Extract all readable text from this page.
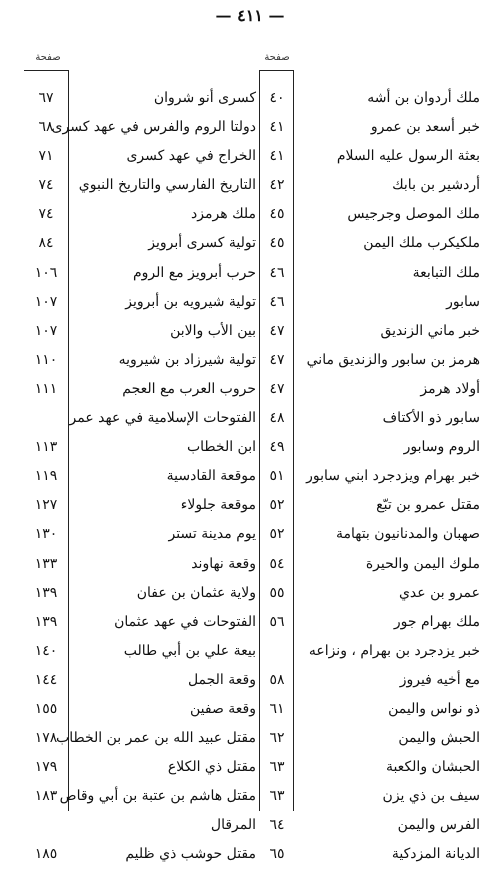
— ٤١١ —
صفحة	صفحة
ملك أردوان بن أشه
٤٠
كسرى أنو شروان
٦٧
خبر أسعد بن عمرو
٤١
دولتا الروم والفرس في عهد كسرى
٦٨
بعثة الرسول عليه السلام
٤١
الخراج في عهد كسرى
٧١
أردشير بن بابك
٤٢
التاريخ الفارسي والتاريخ النبوي
٧٤
ملك الموصل وجرجيس
٤٥
ملك هرمزد
٧٤
ملكيكرب ملك اليمن
٤٥
تولية كسرى أبرويز
٨٤
ملك التبابعة
٤٦
حرب أبرويز مع الروم
١٠٦
سابور
٤٦
تولية شيرويه بن أبرويز
١٠٧
خبر ماني الزنديق
٤٧
بين الأب والابن
١٠٧
هرمز بن سابور والزنديق ماني
٤٧
تولية شيرزاد بن شيرويه
١١٠
أولاد هرمز
٤٧
حروب العرب مع العجم
١١١
سابور ذو الأكتاف
٤٨
الفتوحات الإسلامية في عهد عمر
الروم وسابور
٤٩
ابن الخطاب
١١٣
خبر بهرام ويزدجرد ابني سابور
٥١
موقعة القادسية
١١٩
مقتل عمرو بن تبّع
٥٢
موقعة جلولاء
١٢٧
صهبان والمدنانيون بتهامة
٥٢
يوم مدينة تستر
١٣٠
ملوك اليمن والحيرة
٥٤
وقعة نهاوند
١٣٣
عمرو بن عدي
٥٥
ولاية عثمان بن عفان
١٣٩
ملك بهرام جور
٥٦
الفتوحات في عهد عثمان
١٣٩
خبر يزدجرد بن بهرام ، ونزاعه
بيعة علي بن أبي طالب
١٤٠
مع أخيه فيروز
٥٨
وقعة الجمل
١٤٤
ذو نواس واليمن
٦١
وقعة صفين
١٥٥
الحبش واليمن
٦٢
مقتل عبيد الله بن عمر بن الخطاب
١٧٨
الحبشان والكعبة
٦٣
مقتل ذي الكلاع
١٧٩
سيف بن ذي يزن
٦٣
مقتل هاشم بن عتبة بن أبي وقاص
١٨٣
الفرس واليمن
٦٤
المرقال
الديانة المزدكية
٦٥
مقتل حوشب ذي ظليم
١٨٥
